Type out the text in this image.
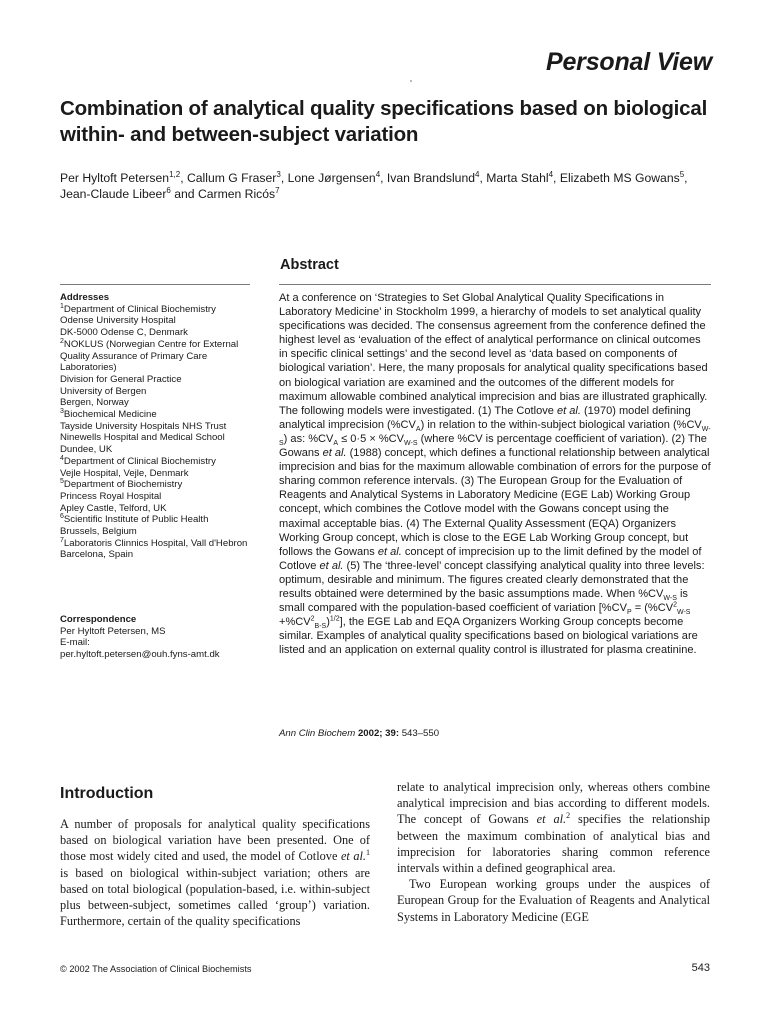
Personal View
Combination of analytical quality specifications based on biological within- and between-subject variation
Per Hyltoft Petersen$^{1,2}$, Callum G Fraser$^3$, Lone Jørgensen$^4$, Ivan Brandslund$^4$, Marta Stahl$^4$, Elizabeth MS Gowans$^5$,
Jean-Claude Libeer$^6$ and Carmen Ricós$^7$
Abstract
Addresses
$^1$Department of Clinical Biochemistry
Odense University Hospital
DK-5000 Odense C, Denmark
$^2$NOKLUS (Norwegian Centre for External
Quality Assurance of Primary Care
Laboratories)
Division for General Practice
University of Bergen
Bergen, Norway
$^3$Biochemical Medicine
Tayside University Hospitals NHS Trust
Ninewells Hospital and Medical School
Dundee, UK
$^4$Department of Clinical Biochemistry
Vejle Hospital, Vejle, Denmark
$^5$Department of Biochemistry
Princess Royal Hospital
Apley Castle, Telford, UK
$^6$Scientific Institute of Public Health
Brussels, Belgium
$^7$Laboratoris Clinnics Hospital, Vall d'Hebron
Barcelona, Spain
Correspondence
Per Hyltoft Petersen, MS
E-mail:
per.hyltoft.petersen@ouh.fyns-amt.dk
At a conference on ‘Strategies to Set Global Analytical Quality Specifications in Laboratory Medicine’ in Stockholm 1999, a hierarchy of models to set analytical quality specifications was decided. The consensus agreement from the conference defined the highest level as ‘evaluation of the effect of analytical performance on clinical outcomes in specific clinical settings’ and the second level as ‘data based on components of biological variation’. Here, the many proposals for analytical quality specifications based on biological variation are examined and the outcomes of the different models for maximum allowable combined analytical imprecision and bias are illustrated graphically. The following models were investigated. (1) The Cotlove et al. (1970) model defining analytical imprecision $(\%CV_A)$ in relation to the within-subject biological variation $(\%CV_{W-S})$ as: $\%CV_A \le 0\cdot 5 \times \%CV_{W-S}$ (where %CV is percentage coefficient of variation). (2) The Gowans et al. (1988) concept, which defines a functional relationship between analytical imprecision and bias for the maximum allowable combination of errors for the purpose of sharing common reference intervals. (3) The European Group for the Evaluation of Reagents and Analytical Systems in Laboratory Medicine (EGE Lab) Working Group concept, which combines the Cotlove model with the Gowans concept using the maximal acceptable bias. (4) The External Quality Assessment (EQA) Organizers Working Group concept, which is close to the EGE Lab Working Group concept, but follows the Gowans et al. concept of imprecision up to the limit defined by the model of Cotlove et al. (5) The ‘three-level’ concept classifying analytical quality into three levels: optimum, desirable and minimum. The figures created clearly demonstrated that the results obtained were determined by the basic assumptions made. When $\%CV_{W-S}$ is small compared with the population-based coefficient of variation $[\%CV_P = (\%CV^2_{W-S} +\%CV^2_{B-S})^{1/2}]$, the EGE Lab and EQA Organizers Working Group concepts become similar. Examples of analytical quality specifications based on biological variations are listed and an application on external quality control is illustrated for plasma creatinine.
Ann Clin Biochem 2002; 39: 543–550
Introduction

A number of proposals for analytical quality specifications based on biological variation have been presented. One of those most widely cited and used, the model of Cotlove et al.$^1$ is based on biological within-subject variation; others are based on total biological (population-based, i.e. within-subject plus between-subject, sometimes called ‘group’) variation. Furthermore, certain of the quality specifications

relate to analytical imprecision only, whereas others combine analytical imprecision and bias according to different models. The concept of Gowans et al.$^2$ specifies the relationship between the maximum combination of analytical bias and imprecision for laboratories sharing common reference intervals within a defined geographical area.

Two European working groups under the auspices of European Group for the Evaluation of Reagents and Analytical Systems in Laboratory Medicine (EGE

© 2002 The Association of Clinical Biochemists	543
